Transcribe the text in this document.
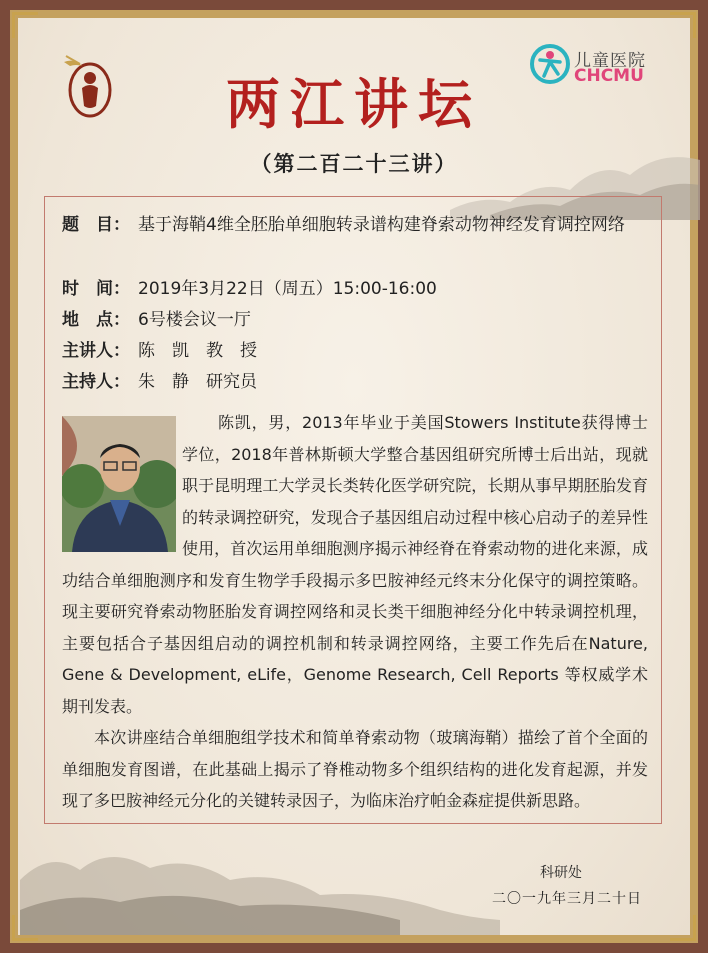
儿童医院
CHCMU
两江讲坛
（第二百二十三讲）
题　目： 基于海鞘4维全胚胎单细胞转录谱构建脊索动物神经发育调控网络
时　间： 2019年3月22日（周五）15:00-16:00
地　点： 6号楼会议一厅
主讲人： 陈　凯　教　授
主持人： 朱　静　研究员

陈凯，男，2013年毕业于美国Stowers Institute获得博士学位，2018年普林斯顿大学整合基因组研究所博士后出站，现就职于昆明理工大学灵长类转化医学研究院，长期从事早期胚胎发育的转录调控研究，发现合子基因组启动过程中核心启动子的差异性使用，首次运用单细胞测序揭示神经脊在脊索动物的进化来源，成功结合单细胞测序和发育生物学手段揭示多巴胺神经元终末分化保守的调控策略。现主要研究脊索动物胚胎发育调控网络和灵长类干细胞神经分化中转录调控机理，主要包括合子基因组启动的调控机制和转录调控网络，主要工作先后在Nature, Gene & Development, eLife，Genome Research, Cell Reports 等权威学术期刊发表。

本次讲座结合单细胞组学技术和简单脊索动物（玻璃海鞘）描绘了首个全面的单细胞发育图谱，在此基础上揭示了脊椎动物多个组织结构的进化发育起源，并发现了多巴胺神经元分化的关键转录因子，为临床治疗帕金森症提供新思路。

科研处
二〇一九年三月二十日
